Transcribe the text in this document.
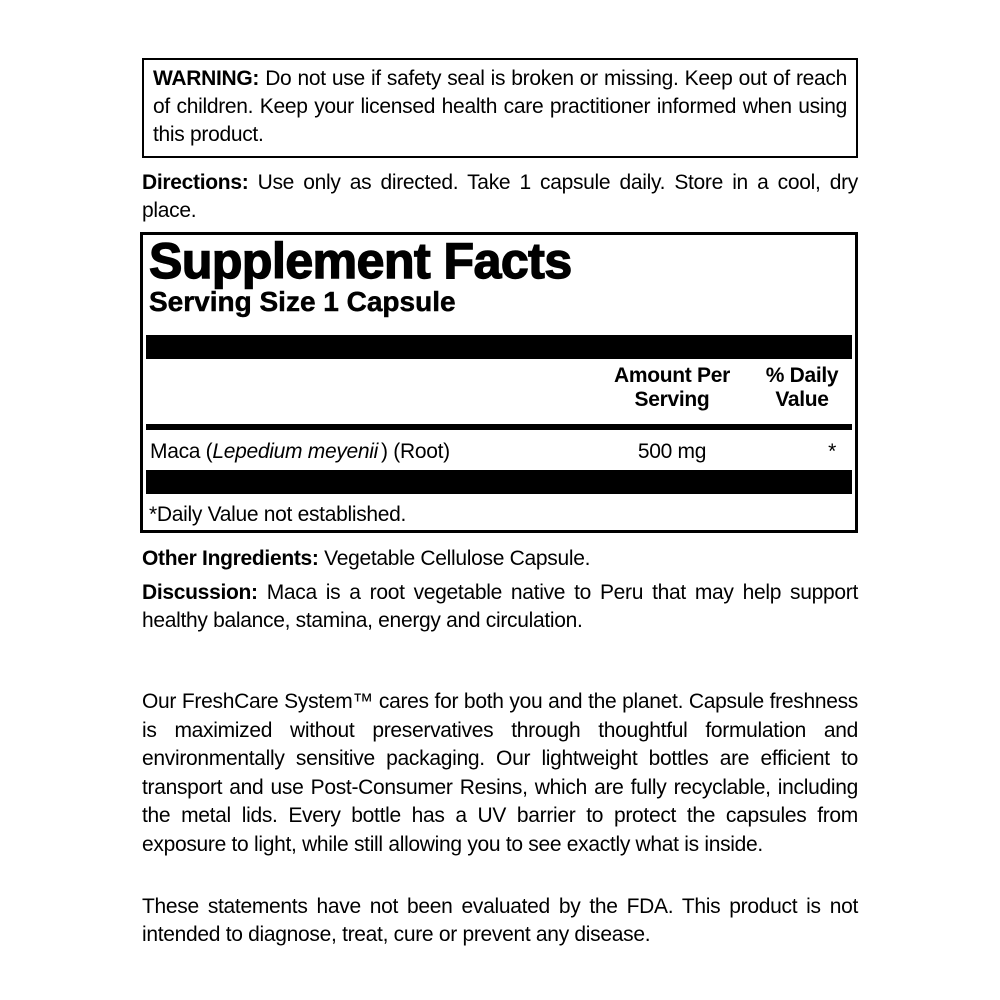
WARNING: Do not use if safety seal is broken or missing. Keep out of reach of children. Keep your licensed health care practitioner informed when using this product.
Directions: Use only as directed. Take 1 capsule daily. Store in a cool, dry place.
Supplement Facts
Serving Size 1 Capsule
Amount Per Serving
% Daily Value
Maca (Lepedium meyenii ) (Root)	500 mg	*
*Daily Value not established.
Other Ingredients: Vegetable Cellulose Capsule.
Discussion: Maca is a root vegetable native to Peru that may help support healthy balance, stamina, energy and circulation.
Our FreshCare System™ cares for both you and the planet. Capsule freshness is maximized without preservatives through thoughtful formulation and environmentally sensitive packaging. Our lightweight bottles are efficient to transport and use Post-Consumer Resins, which are fully recyclable, including the metal lids. Every bottle has a UV barrier to protect the capsules from exposure to light, while still allowing you to see exactly what is inside.
These statements have not been evaluated by the FDA. This product is not intended to diagnose, treat, cure or prevent any disease.
